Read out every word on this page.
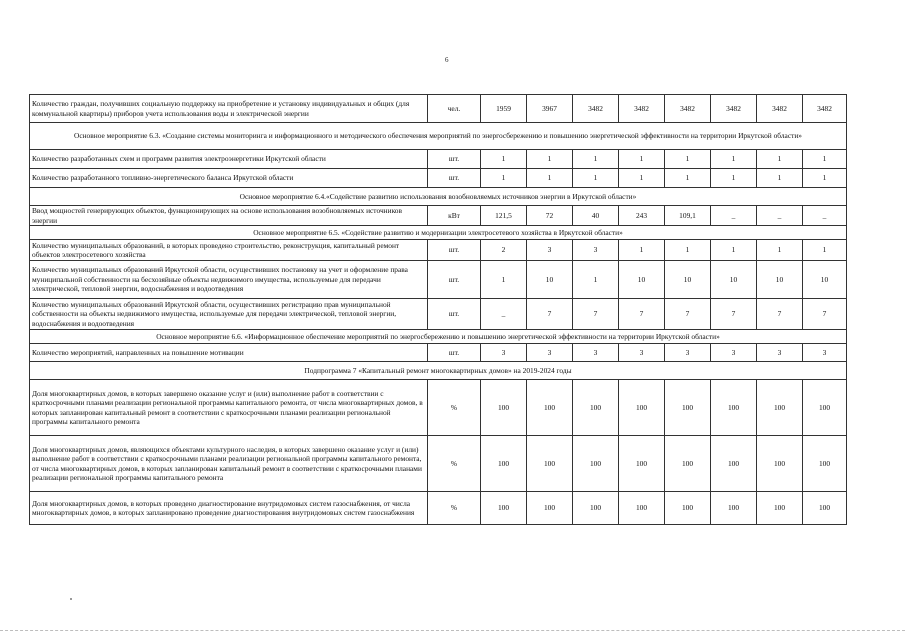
6
Количество граждан, получивших социальную поддержку на приобретение и установку индивидуальных и общих (для коммунальной квартиры) приборов учета использования воды и электрической энергии	чел.	1959	3967	3482	3482	3482	3482	3482	3482
Основное мероприятие 6.3. «Создание системы мониторинга и информационного и методического обеспечения мероприятий по энергосбережению и повышению энергетической эффективности на территории Иркутской области»									
Количество разработанных схем и программ развития электроэнергетики Иркутской области	шт.	1	1	1	1	1	1	1	1
Количество разработанного топливно-энергетического баланса Иркутской области	шт.	1	1	1	1	1	1	1	1
Основное мероприятие 6.4.«Содействие развитию использования возобновляемых источников энергии в Иркутской области»									
Ввод мощностей генерирующих объектов, функционирующих на основе использования возобновляемых источников энергии	кВт	121,5	72	40	243	109,1	_	_	_
Основное мероприятие 6.5. «Содействие развитию и модернизации электросетевого хозяйства в Иркутской области»									
Количество муниципальных образований, в которых проведено строительство, реконструкция, капитальный ремонт объектов электросетевого хозяйства	шт.	2	3	3	1	1	1	1	1
Количество муниципальных образований Иркутской области, осуществивших постановку на учет и оформление права муниципальной собственности на бесхозяйные объекты недвижимого имущества, используемые для передачи электрической, тепловой энергии, водоснабжения и водоотведения	шт.	1	10	1	10	10	10	10	10
Количество муниципальных образований Иркутской области, осуществивших регистрацию прав муниципальной собственности на объекты недвижимого имущества, используемые для передачи электрической, тепловой энергии, водоснабжения и водоотведения	шт.	_	7	7	7	7	7	7	7
Основное мероприятие 6.6. «Информационное обеспечение мероприятий по энергосбережению и повышению энергетической эффективности на территории Иркутской области»									
Количество мероприятий, направленных на повышение мотивации	шт.	3	3	3	3	3	3	3	3
Подпрограмма 7 «Капитальный ремонт многоквартирных домов» на 2019-2024 годы									
Доля многоквартирных домов, в которых завершено оказание услуг и (или) выполнение работ в соответствии с краткосрочными планами реализации региональной программы капитального ремонта, от числа многоквартирных домов, в которых запланирован капитальный ремонт в соответствии с краткосрочными планами реализации региональной программы капитального ремонта	%	100	100	100	100	100	100	100	100
Доля многоквартирных домов, являющихся объектами культурного наследия, в которых завершено оказание услуг и (или) выполнение работ в соответствии с краткосрочными планами реализации региональной программы капитального ремонта, от числа многоквартирных домов, в которых запланирован капитальный ремонт в соответствии с краткосрочными планами реализации региональной программы капитального ремонта	%	100	100	100	100	100	100	100	100
Доля многоквартирных домов, в которых проведено диагностирование внутридомовых систем газоснабжения, от числа многоквартирных домов, в которых запланировано проведение диагностирования внутридомовых систем газоснабжения	%	100	100	100	100	100	100	100	100
